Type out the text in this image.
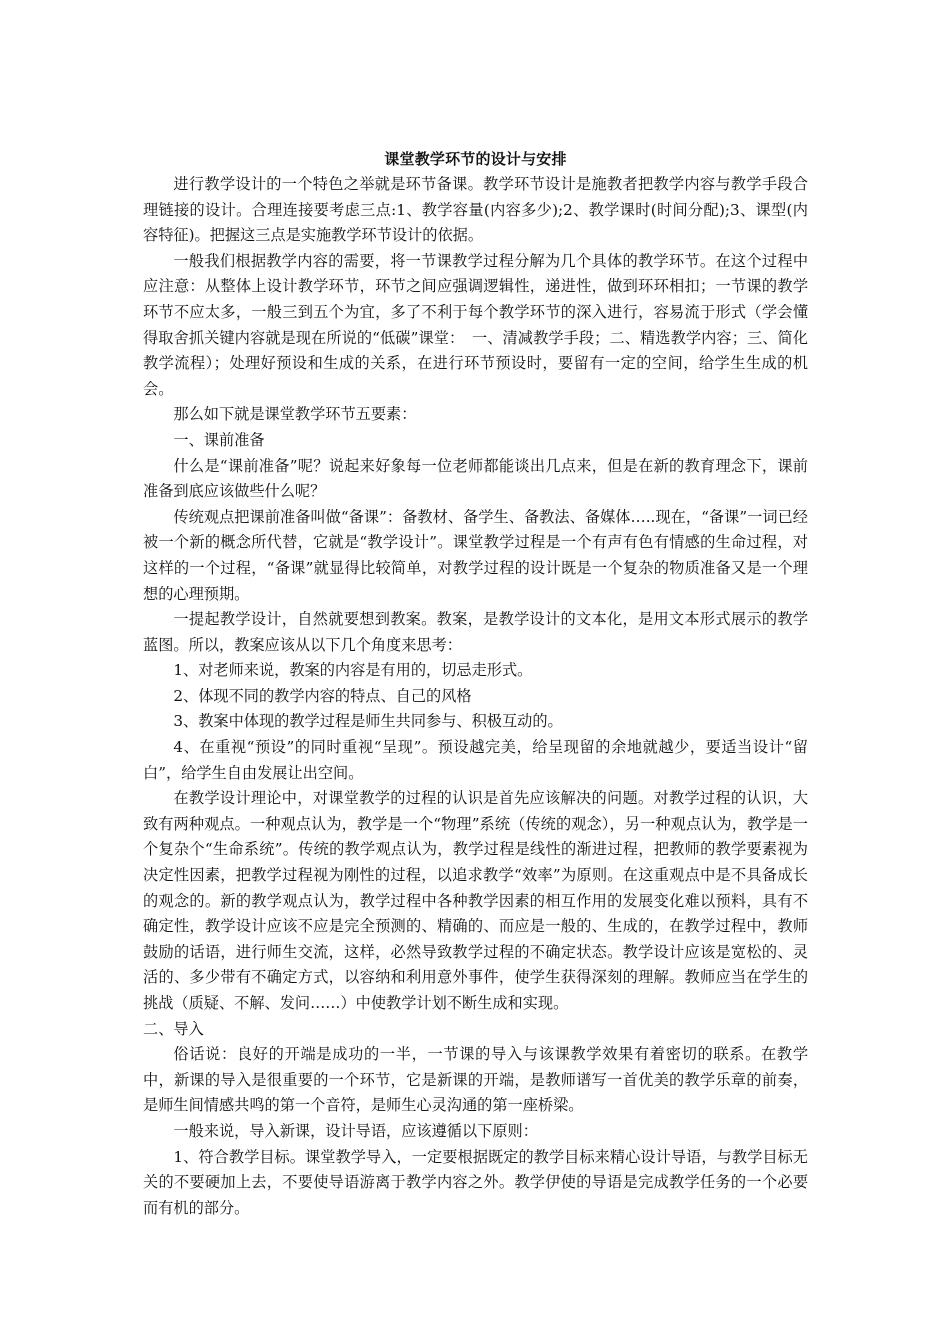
课堂教学环节的设计与安排

进行教学设计的一个特色之举就是环节备课。教学环节设计是施教者把教学内容与教学手段合理链接的设计。合理连接要考虑三点:1、教学容量(内容多少);2、教学课时(时间分配);3、课型(内容特征)。把握这三点是实施教学环节设计的依据。

一般我们根据教学内容的需要，将一节课教学过程分解为几个具体的教学环节。在这个过程中应注意：从整体上设计教学环节，环节之间应强调逻辑性，递进性，做到环环相扣；一节课的教学环节不应太多，一般三到五个为宜，多了不利于每个教学环节的深入进行，容易流于形式（学会懂得取舍抓关键内容就是现在所说的“低碳”课堂：　一、清减教学手段；二、精选教学内容；三、简化教学流程）；处理好预设和生成的关系，在进行环节预设时，要留有一定的空间，给学生生成的机会。

那么如下就是课堂教学环节五要素：

一、课前准备

什么是“课前准备”呢？说起来好象每一位老师都能谈出几点来，但是在新的教育理念下，课前准备到底应该做些什么呢？

传统观点把课前准备叫做“备课”：备教材、备学生、备教法、备媒体…..现在，“备课”一词已经被一个新的概念所代替，它就是“教学设计”。课堂教学过程是一个有声有色有情感的生命过程，对这样的一个过程，“备课”就显得比较简单，对教学过程的设计既是一个复杂的物质准备又是一个理想的心理预期。

一提起教学设计，自然就要想到教案。教案，是教学设计的文本化，是用文本形式展示的教学蓝图。所以，教案应该从以下几个角度来思考：

1、对老师来说，教案的内容是有用的，切忌走形式。

2、体现不同的教学内容的特点、自己的风格

3、教案中体现的教学过程是师生共同参与、积极互动的。

4、在重视“预设”的同时重视“呈现”。预设越完美，给呈现留的余地就越少，要适当设计“留白”，给学生自由发展让出空间。

在教学设计理论中，对课堂教学的过程的认识是首先应该解决的问题。对教学过程的认识，大致有两种观点。一种观点认为，教学是一个“物理”系统（传统的观念），另一种观点认为，教学是一个复杂个“生命系统”。传统的教学观点认为，教学过程是线性的渐进过程，把教师的教学要素视为决定性因素，把教学过程视为刚性的过程，以追求教学“效率”为原则。在这重观点中是不具备成长的观念的。新的教学观点认为，教学过程中各种教学因素的相互作用的发展变化难以预料，具有不确定性，教学设计应该不应是完全预测的、精确的、而应是一般的、生成的，在教学过程中，教师鼓励的话语，进行师生交流，这样，必然导致教学过程的不确定状态。教学设计应该是宽松的、灵活的、多少带有不确定方式，以容纳和利用意外事件，使学生获得深刻的理解。教师应当在学生的挑战（质疑、不解、发问……）中使教学计划不断生成和实现。

二、导入

俗话说：良好的开端是成功的一半，一节课的导入与该课教学效果有着密切的联系。在教学中，新课的导入是很重要的一个环节，它是新课的开端，是教师谱写一首优美的教学乐章的前奏，是师生间情感共鸣的第一个音符，是师生心灵沟通的第一座桥梁。

一般来说，导入新课，设计导语，应该遵循以下原则：

1、符合教学目标。课堂教学导入，一定要根据既定的教学目标来精心设计导语，与教学目标无关的不要硬加上去，不要使导语游离于教学内容之外。教学伊使的导语是完成教学任务的一个必要而有机的部分。
